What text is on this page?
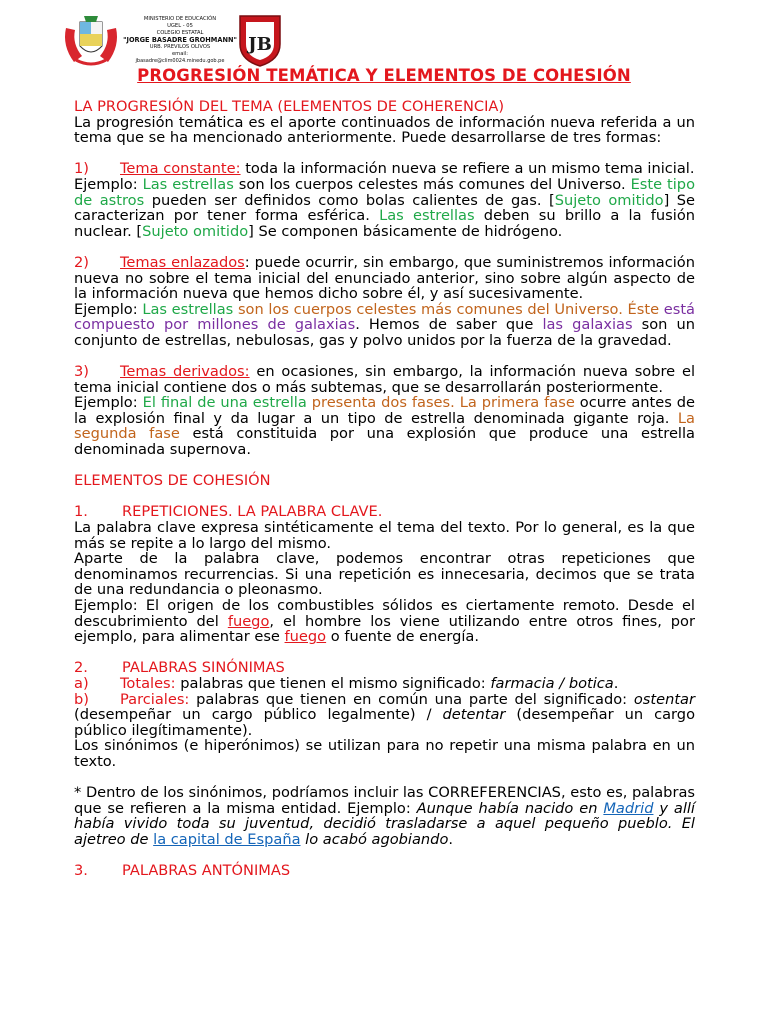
MINISTERIO DE EDUCACIÓN
UGEL - 05
COLEGIO ESTATAL
"JORGE BASADRE GROHMANN"
URB. PREVILOS OLIVOS
email:
jbasadre@clim0024.minedu.gob.pe
JB
PROGRESIÓN TEMÁTICA Y ELEMENTOS DE COHESIÓN

LA PROGRESIÓN DEL TEMA (ELEMENTOS DE COHERENCIA)

La progresión temática es el aporte continuados de información nueva referida a un tema que se ha mencionado anteriormente. Puede desarrollarse de tres formas:

1) Tema constante: toda la información nueva se refiere a un mismo tema inicial.

Ejemplo: Las estrellas son los cuerpos celestes más comunes del Universo. Este tipo de astros pueden ser definidos como bolas calientes de gas. [Sujeto omitido] Se caracterizan por tener forma esférica. Las estrellas deben su brillo a la fusión nuclear. [Sujeto omitido] Se componen básicamente de hidrógeno.

2) Temas enlazados: puede ocurrir, sin embargo, que suministremos información nueva no sobre el tema inicial del enunciado anterior, sino sobre algún aspecto de la información nueva que hemos dicho sobre él, y así sucesivamente.

Ejemplo: Las estrellas son los cuerpos celestes más comunes del Universo. Éste está compuesto por millones de galaxias. Hemos de saber que las galaxias son un conjunto de estrellas, nebulosas, gas y polvo unidos por la fuerza de la gravedad.

3) Temas derivados: en ocasiones, sin embargo, la información nueva sobre el tema inicial contiene dos o más subtemas, que se desarrollarán posteriormente.

Ejemplo: El final de una estrella presenta dos fases. La primera fase ocurre antes de la explosión final y da lugar a un tipo de estrella denominada gigante roja. La segunda fase está constituida por una explosión que produce una estrella denominada supernova.

ELEMENTOS DE COHESIÓN

1. REPETICIONES. LA PALABRA CLAVE.

La palabra clave expresa sintéticamente el tema del texto. Por lo general, es la que más se repite a lo largo del mismo.

Aparte de la palabra clave, podemos encontrar otras repeticiones que denominamos recurrencias. Si una repetición es innecesaria, decimos que se trata de una redundancia o pleonasmo.

Ejemplo: El origen de los combustibles sólidos es ciertamente remoto. Desde el descubrimiento del fuego, el hombre los viene utilizando entre otros fines, por ejemplo, para alimentar ese fuego o fuente de energía.

2. PALABRAS SINÓNIMAS

a) Totales: palabras que tienen el mismo significado: farmacia / botica.

b) Parciales: palabras que tienen en común una parte del significado: ostentar (desempeñar un cargo público legalmente) / detentar (desempeñar un cargo público ilegítimamente).

Los sinónimos (e hiperónimos) se utilizan para no repetir una misma palabra en un texto.

* Dentro de los sinónimos, podríamos incluir las CORREFERENCIAS, esto es, palabras que se refieren a la misma entidad. Ejemplo: Aunque había nacido en Madrid y allí había vivido toda su juventud, decidió trasladarse a aquel pequeño pueblo. El ajetreo de la capital de España lo acabó agobiando.

3. PALABRAS ANTÓNIMAS
